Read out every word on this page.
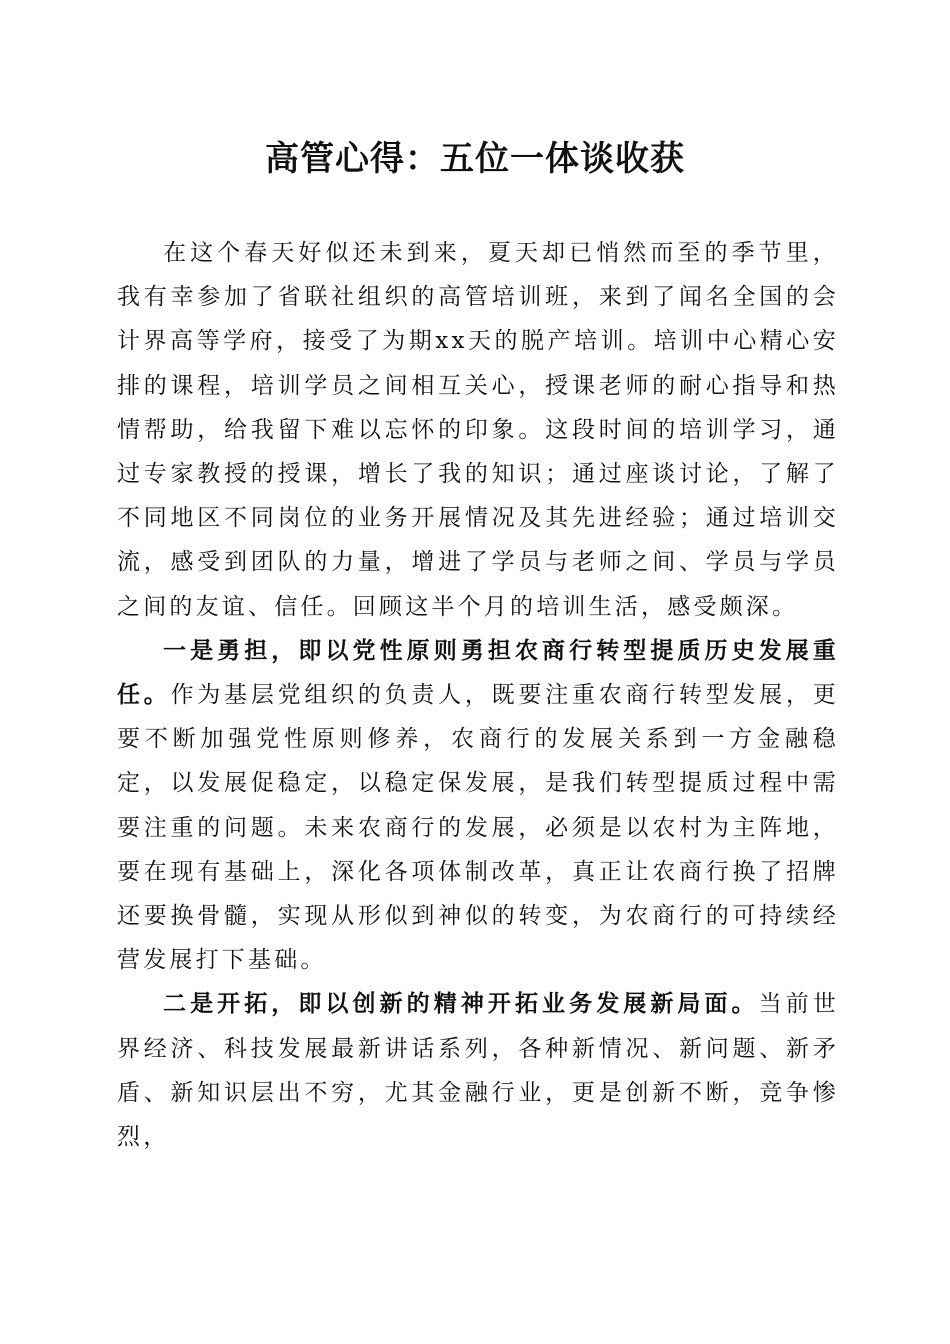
高管心得：五位一体谈收获

在这个春天好似还未到来，夏天却已悄然而至的季节里，我有幸参加了省联社组织的高管培训班，来到了闻名全国的会计界高等学府，接受了为期xx天的脱产培训。培训中心精心安排的课程，培训学员之间相互关心，授课老师的耐心指导和热情帮助，给我留下难以忘怀的印象。这段时间的培训学习，通过专家教授的授课，增长了我的知识；通过座谈讨论，了解了不同地区不同岗位的业务开展情况及其先进经验；通过培训交流，感受到团队的力量，增进了学员与老师之间、学员与学员之间的友谊、信任。回顾这半个月的培训生活，感受颇深。

一是勇担，即以党性原则勇担农商行转型提质历史发展重任。作为基层党组织的负责人，既要注重农商行转型发展，更要不断加强党性原则修养，农商行的发展关系到一方金融稳定，以发展促稳定，以稳定保发展，是我们转型提质过程中需要注重的问题。未来农商行的发展，必须是以农村为主阵地，要在现有基础上，深化各项体制改革，真正让农商行换了招牌还要换骨髓，实现从形似到神似的转变，为农商行的可持续经营发展打下基础。

二是开拓，即以创新的精神开拓业务发展新局面。当前世界经济、科技发展最新讲话系列，各种新情况、新问题、新矛盾、新知识层出不穷，尤其金融行业，更是创新不断，竞争惨烈，
